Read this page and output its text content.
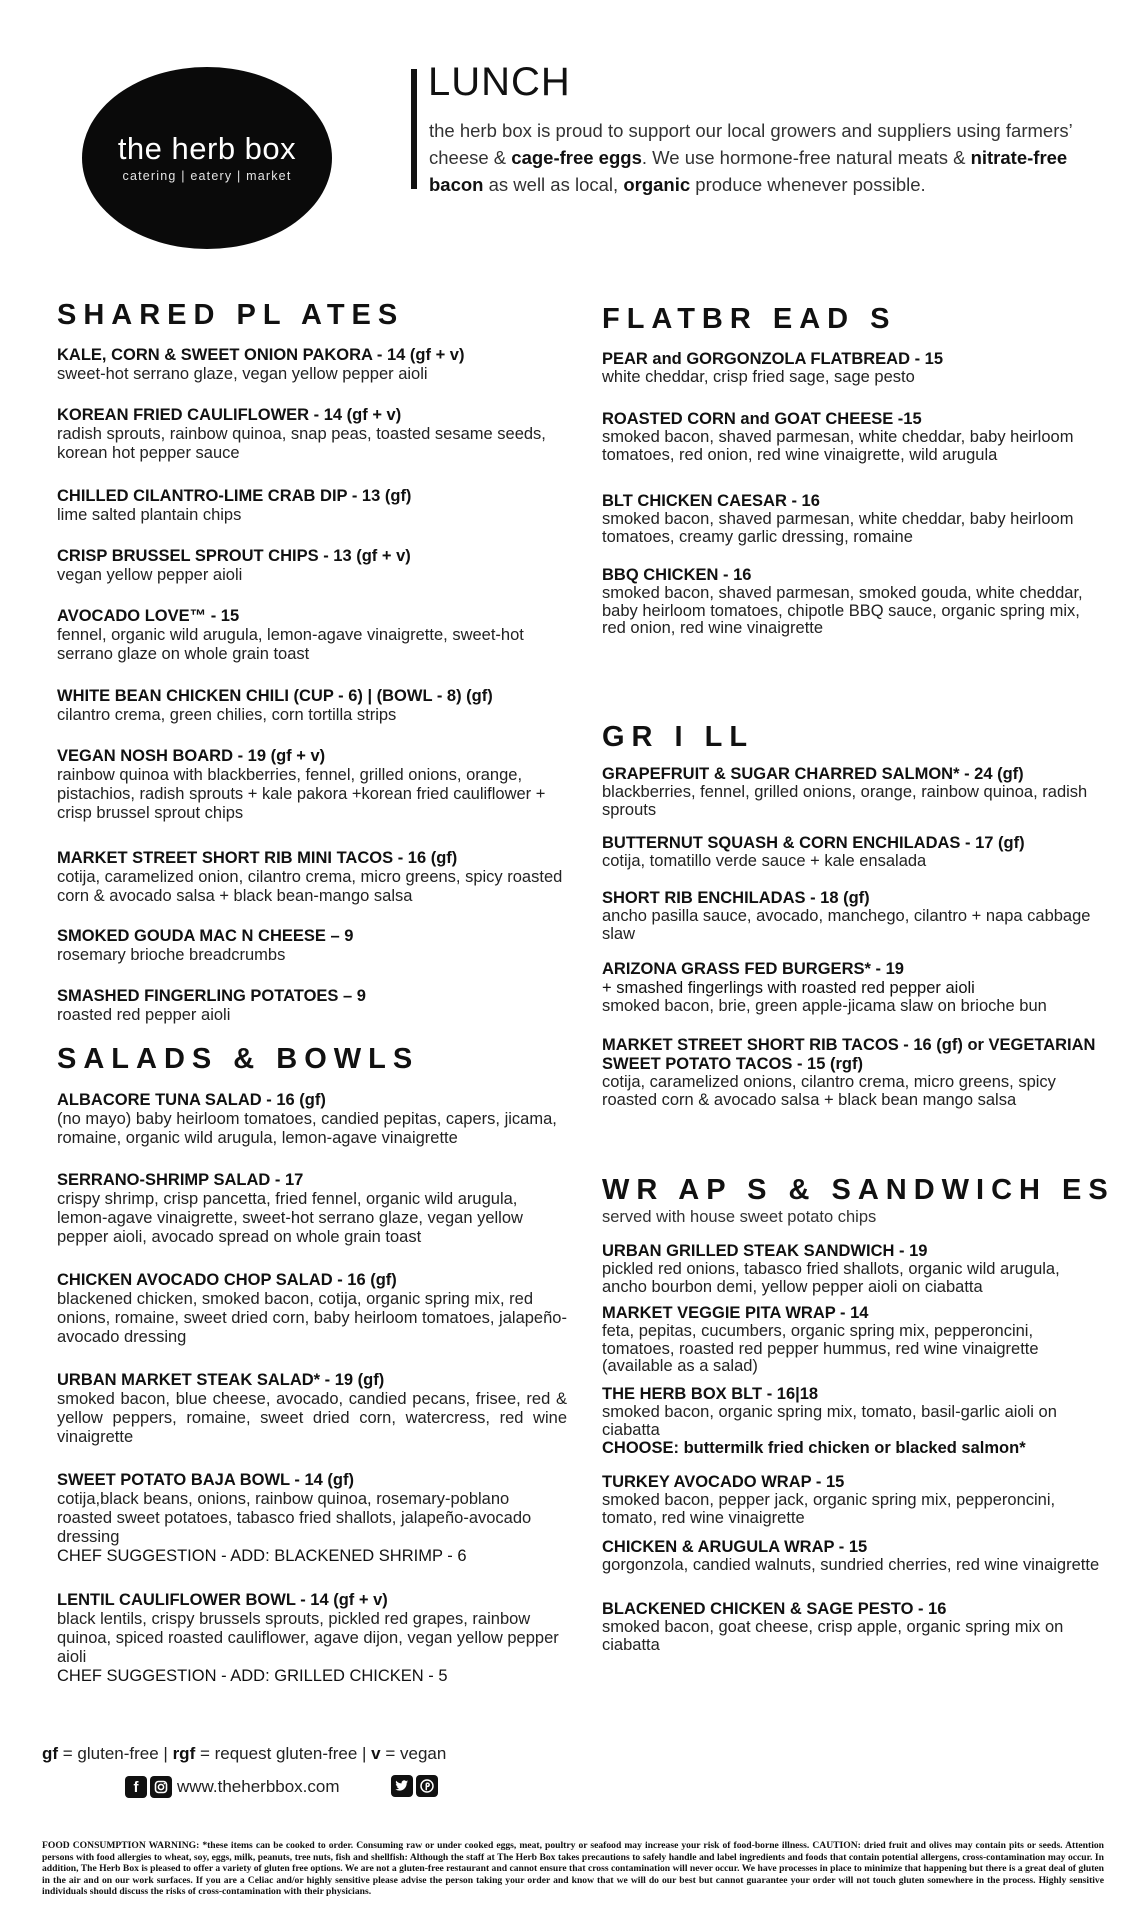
the herb box
catering | eatery | market
LUNCH
the herb box is proud to support our local growers and suppliers using farmers’ cheese & cage-free eggs. We use hormone-free natural meats & nitrate-free bacon as well as local, organic produce whenever possible.
SHARED PL ATES
KALE, CORN & SWEET ONION PAKORA - 14 (gf + v)
sweet-hot serrano glaze, vegan yellow pepper aioli
KOREAN FRIED CAULIFLOWER - 14 (gf + v)
radish sprouts, rainbow quinoa, snap peas, toasted sesame seeds, korean hot pepper sauce
CHILLED CILANTRO-LIME CRAB DIP - 13 (gf)
lime salted plantain chips
CRISP BRUSSEL SPROUT CHIPS - 13 (gf + v)
vegan yellow pepper aioli
AVOCADO LOVE™ - 15
fennel, organic wild arugula, lemon-agave vinaigrette, sweet-hot serrano glaze on whole grain toast
WHITE BEAN CHICKEN CHILI (CUP - 6) | (BOWL - 8) (gf)
cilantro crema, green chilies, corn tortilla strips
VEGAN NOSH BOARD - 19 (gf + v)
rainbow quinoa with blackberries, fennel, grilled onions, orange, pistachios, radish sprouts + kale pakora +korean fried cauliflower + crisp brussel sprout chips
MARKET STREET SHORT RIB MINI TACOS - 16 (gf)
cotija, caramelized onion, cilantro crema, micro greens, spicy roasted corn & avocado salsa + black bean-mango salsa
SMOKED GOUDA MAC N CHEESE – 9
rosemary brioche breadcrumbs
SMASHED FINGERLING POTATOES – 9
roasted red pepper aioli
SALADS & BOWLS
ALBACORE TUNA SALAD - 16 (gf)
(no mayo) baby heirloom tomatoes, candied pepitas, capers, jicama, romaine, organic wild arugula, lemon-agave vinaigrette
SERRANO-SHRIMP SALAD - 17
crispy shrimp, crisp pancetta, fried fennel, organic wild arugula, lemon-agave vinaigrette, sweet-hot serrano glaze, vegan yellow pepper aioli, avocado spread on whole grain toast
CHICKEN AVOCADO CHOP SALAD - 16 (gf)
blackened chicken, smoked bacon, cotija, organic spring mix, red onions, romaine, sweet dried corn, baby heirloom tomatoes, jalapeño-avocado dressing
URBAN MARKET STEAK SALAD* - 19 (gf)
smoked bacon, blue cheese, avocado, candied pecans, frisee, red & yellow peppers, romaine, sweet dried corn, watercress, red wine vinaigrette
SWEET POTATO BAJA BOWL - 14 (gf)
cotija,black beans, onions, rainbow quinoa, rosemary-poblano roasted sweet potatoes, tabasco fried shallots, jalapeño-avocado dressing
CHEF SUGGESTION - ADD: BLACKENED SHRIMP - 6
LENTIL CAULIFLOWER BOWL - 14 (gf + v)
black lentils, crispy brussels sprouts, pickled red grapes, rainbow quinoa, spiced roasted cauliflower, agave dijon, vegan yellow pepper aioli
CHEF SUGGESTION - ADD: GRILLED CHICKEN - 5
FLATBR EAD S
PEAR and GORGONZOLA FLATBREAD - 15
white cheddar, crisp fried sage, sage pesto
ROASTED CORN and GOAT CHEESE -15
smoked bacon, shaved parmesan, white cheddar, baby heirloom tomatoes, red onion, red wine vinaigrette, wild arugula
BLT CHICKEN CAESAR - 16
smoked bacon, shaved parmesan, white cheddar, baby heirloom tomatoes, creamy garlic dressing, romaine
BBQ CHICKEN - 16
smoked bacon, shaved parmesan, smoked gouda, white cheddar, baby heirloom tomatoes, chipotle BBQ sauce, organic spring mix, red onion, red wine vinaigrette
GR I LL
GRAPEFRUIT & SUGAR CHARRED SALMON* - 24 (gf)
blackberries, fennel, grilled onions, orange, rainbow quinoa, radish sprouts
BUTTERNUT SQUASH & CORN ENCHILADAS - 17 (gf)
cotija, tomatillo verde sauce + kale ensalada
SHORT RIB ENCHILADAS - 18 (gf)
ancho pasilla sauce, avocado, manchego, cilantro + napa cabbage slaw
ARIZONA GRASS FED BURGERS* - 19
+ smashed fingerlings with roasted red pepper aioli
smoked bacon, brie, green apple-jicama slaw on brioche bun
MARKET STREET SHORT RIB TACOS - 16 (gf) or VEGETARIAN SWEET POTATO TACOS - 15 (rgf)
cotija, caramelized onions, cilantro crema, micro greens, spicy roasted corn & avocado salsa + black bean mango salsa
WR AP S & SANDWICH ES
served with house sweet potato chips
URBAN GRILLED STEAK SANDWICH - 19
pickled red onions, tabasco fried shallots, organic wild arugula, ancho bourbon demi, yellow pepper aioli on ciabatta
MARKET VEGGIE PITA WRAP - 14
feta, pepitas, cucumbers, organic spring mix, pepperoncini, tomatoes, roasted red pepper hummus, red wine vinaigrette (available as a salad)
THE HERB BOX BLT - 16|18
smoked bacon, organic spring mix, tomato, basil-garlic aioli on ciabatta
CHOOSE: buttermilk fried chicken or blacked salmon*
TURKEY AVOCADO WRAP - 15
smoked bacon, pepper jack, organic spring mix, pepperoncini, tomato, red wine vinaigrette
CHICKEN & ARUGULA WRAP - 15
gorgonzola, candied walnuts, sundried cherries, red wine vinaigrette
BLACKENED CHICKEN & SAGE PESTO - 16
smoked bacon, goat cheese, crisp apple, organic spring mix on ciabatta
gf = gluten-free | rgf = request gluten-free | v = vegan
f	www.theherbbox.com
FOOD CONSUMPTION WARNING: *these items can be cooked to order. Consuming raw or under cooked eggs, meat, poultry or seafood may increase your risk of food-borne illness. CAUTION: dried fruit and olives may contain pits or seeds. Attention persons with food allergies to wheat, soy, eggs, milk, peanuts, tree nuts, fish and shellfish: Although the staff at The Herb Box takes precautions to safely handle and label ingredients and foods that contain potential allergens, cross-contamination may occur. In addition, The Herb Box is pleased to offer a variety of gluten free options. We are not a gluten-free restaurant and cannot ensure that cross contamination will never occur. We have processes in place to minimize that happening but there is a great deal of gluten in the air and on our work surfaces. If you are a Celiac and/or highly sensitive please advise the person taking your order and know that we will do our best but cannot guarantee your order will not touch gluten somewhere in the process. Highly sensitive individuals should discuss the risks of cross-contamination with their physicians.
